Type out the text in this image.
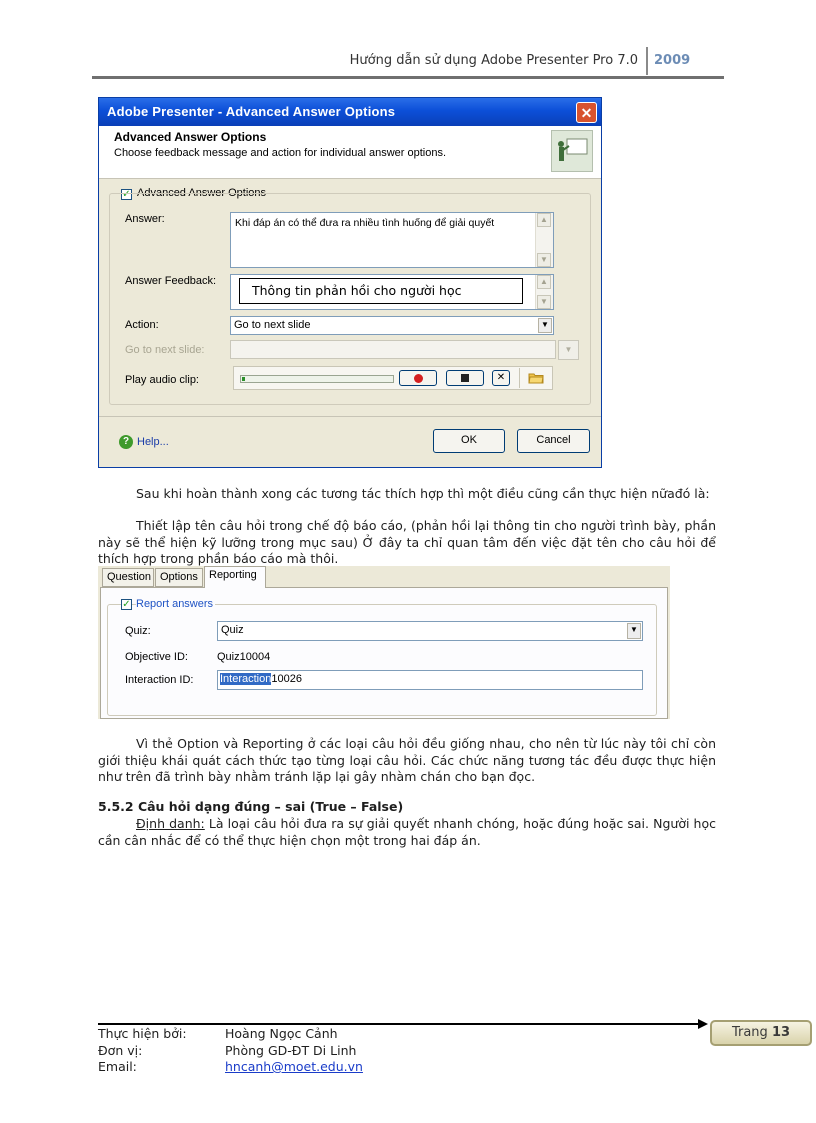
Hướng dẫn sử dụng Adobe Presenter Pro 7.0 2009
Adobe Presenter - Advanced Answer Options	✕
Advanced Answer Options
Choose feedback message and action for individual answer options.
✓ Advanced Answer Options
Answer:	Khi đáp án có thể đưa ra nhiều tình huống để giải quyết	▲
▼
Answer Feedback:
Thông tin phản hồi cho người học
▲
▼
Action:	Go to next slide	▼
Go to next slide:	▼
Play audio clip:	✕
? Help...	OK	Cancel
Sau khi hoàn thành xong các tương tác thích hợp thì một điều cũng cần thực hiện nữađó là:
Thiết lập tên câu hỏi trong chế độ báo cáo, (phản hồi lại thông tin cho người trình bày, phần này sẽ thể hiện kỹ lưỡng trong mục sau) Ở đây ta chỉ quan tâm đến việc đặt tên cho câu hỏi để thích hợp trong phần báo cáo mà thôi.
Question Options
✓ Report answers
Quiz:	Quiz	▼
Objective ID:	Quiz10004
Interaction ID: Interaction10026
Reporting
Vì thẻ Option và Reporting ở các loại câu hỏi đều giống nhau, cho nên từ lúc này tôi chỉ còn giới thiệu khái quát cách thức tạo từng loại câu hỏi. Các chức năng tương tác đều được thực hiện như trên đã trình bày nhằm tránh lặp lại gây nhàm chán cho bạn đọc.
5.5.2 Câu hỏi dạng đúng – sai (True – False)
Định danh: Là loại câu hỏi đưa ra sự giải quyết nhanh chóng, hoặc đúng hoặc sai. Người học cần cân nhắc để có thể thực hiện chọn một trong hai đáp án.
Trang 13
Thực hiện bởi:	Hoàng Ngọc Cảnh
Đơn vị:	Phòng GD-ĐT Di Linh
Email:	hncanh@moet.edu.vn
